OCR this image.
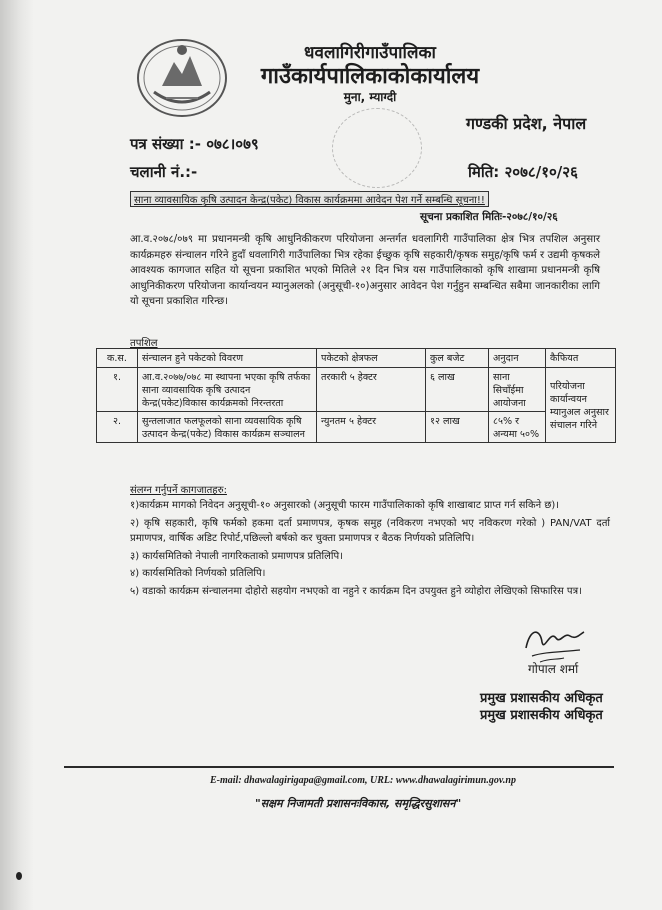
धवलागिरीगाउँपालिका
गाउँकार्यपालिकाकोकार्यालय
मुना, म्याग्दी
गण्डकी प्रदेश, नेपाल
पत्र संख्या :- ०७८।०७९
चलानी नं.:-	मिति: २०७८/१०/२६
साना व्यावसायिक कृषि उत्पादन केन्द्र(पकेट) विकास कार्यक्रममा आवेदन पेश गर्ने सम्बन्धि सूचना!!
सूचना प्रकाशित मितिः-२०७८/१०/२६
आ.व.२०७८/०७९ मा प्रधानमन्त्री कृषि आधुनिकीकरण परियोजना अन्तर्गत धवलागिरी गाउँपालिका क्षेत्र भित्र तपशिल अनुसार कार्यक्रमहरु संन्चालन गरिने हुदाँ धवलागिरी गाउँपालिका भित्र रहेका ईच्छुक कृषि सहकारी/कृषक समुह/कृषि फर्म र उद्यमी कृषकले आवश्यक कागजात सहित यो सूचना प्रकाशित भएको मितिले २१ दिन भित्र यस गाउँपालिकाको कृषि शाखामा प्रधानमन्त्री कृषि आधुनिकीकरण परियोजना कार्यान्वयन म्यानुअलको (अनुसूची-१०)अनुसार आवेदन पेश गर्नुहुन सम्बन्धित सबैमा जानकारीका लागि यो सूचना प्रकाशित गरिन्छ।
तपशिल
क.स.	संन्चालन हुने पकेटको विवरण	पकेटको क्षेत्रफल	कुल बजेट	अनुदान	कैफियत
१.	आ.व.२०७७/०७८ मा स्थापना भएका कृषि तर्फका साना व्यावसायिक कृषि उत्पादन केन्द्र(पकेट)विकास कार्यक्रमको निरन्तरता	तरकारी ५ हेक्टर	६ लाख	साना सिचाँईमा आयोजना	परियोजना कार्यान्वयन म्यानुअल अनुसार संचालन गरिने
२.	सुन्तलाजात फलफूलको साना व्यवसायिक कृषि उत्पादन केन्द्र(पकेट) विकास कार्यक्रम सञ्चालन	न्युनतम ५ हेक्टर	१२ लाख	८५% र अन्यमा ५०%	
संलग्न गर्नुपर्ने कागजातहरु:
१)कार्यक्रम मागको निवेदन अनुसूची-१० अनुसारको (अनुसूची फारम गाउँपालिकाको कृषि शाखाबाट प्राप्त गर्न सकिने छ)।
२) कृषि सहकारी, कृषि फर्मको हकमा दर्ता प्रमाणपत्र, कृषक समुह (नविकरण नभएको भए नविकरण गरेको ) PAN/VAT दर्ता प्रमाणपत्र, वार्षिक अडिट रिपोर्ट,पछिल्लो बर्षको कर चुक्ता प्रमाणपत्र र बैठक निर्णयको प्रतिलिपि।
३) कार्यसमितिको नेपाली नागरिकताको प्रमाणपत्र प्रतिलिपि।
४) कार्यसमितिको निर्णयको प्रतिलिपि।
५) वडाको कार्यक्रम संन्चालनमा दोहोरो सहयोग नभएको वा नहुने र कार्यक्रम दिन उपयुक्त हुने व्योहोरा लेखिएको सिफारिस पत्र।
गोपाल शर्मा
प्रमुख प्रशासकीय अधिकृत
प्रमुख प्रशासकीय अधिकृत
E-mail: dhawalagirigapa@gmail.com, URL: www.dhawalagirimun.gov.np
"सक्षम निजामती प्रशासनःविकास, समृद्धिरसुशासन"
